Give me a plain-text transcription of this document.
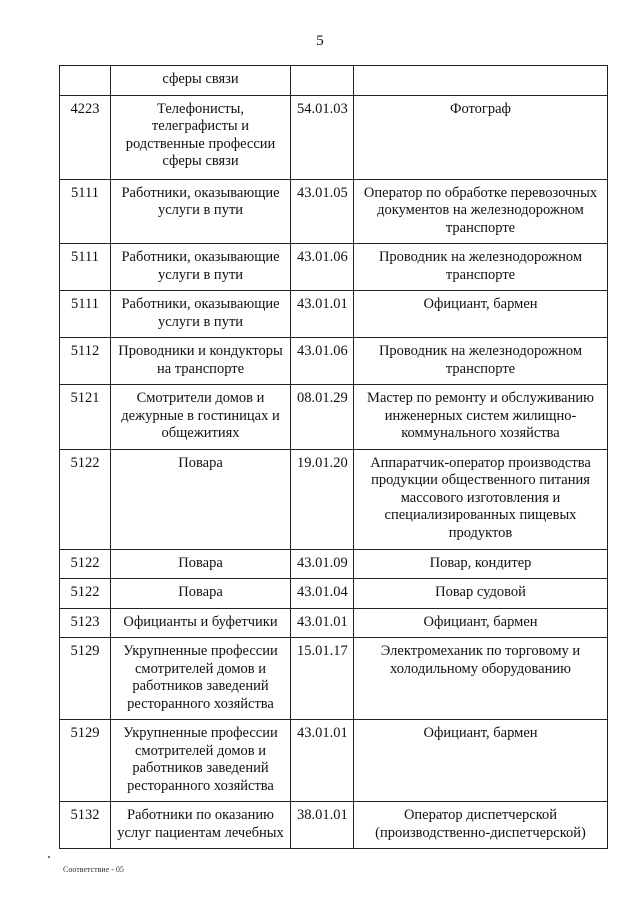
5
	сферы связи		
4223	Телефонисты, телеграфисты и родственные профессии сферы связи	54.01.03	Фотограф
5111	Работники, оказывающие услуги в пути	43.01.05	Оператор по обработке перевозочных документов на железнодорожном транспорте
5111	Работники, оказывающие услуги в пути	43.01.06	Проводник на железнодорожном транспорте
5111	Работники, оказывающие услуги в пути	43.01.01	Официант, бармен
5112	Проводники и кондукторы на транспорте	43.01.06	Проводник на железнодорожном транспорте
5121	Смотрители домов и дежурные в гостиницах и общежитиях	08.01.29	Мастер по ремонту и обслуживанию инженерных систем жилищно-коммунального хозяйства
5122	Повара	19.01.20	Аппаратчик-оператор производства продукции общественного питания массового изготовления и специализированных пищевых продуктов
5122	Повара	43.01.09	Повар, кондитер
5122	Повара	43.01.04	Повар судовой
5123	Официанты и буфетчики	43.01.01	Официант, бармен
5129	Укрупненные профессии смотрителей домов и работников заведений ресторанного хозяйства	15.01.17	Электромеханик по торговому и холодильному оборудованию
5129	Укрупненные профессии смотрителей домов и работников заведений ресторанного хозяйства	43.01.01	Официант, бармен
5132	Работники по оказанию услуг пациентам лечебных	38.01.01	Оператор диспетчерской (производственно-диспетчерской)
Соответствие - 05
